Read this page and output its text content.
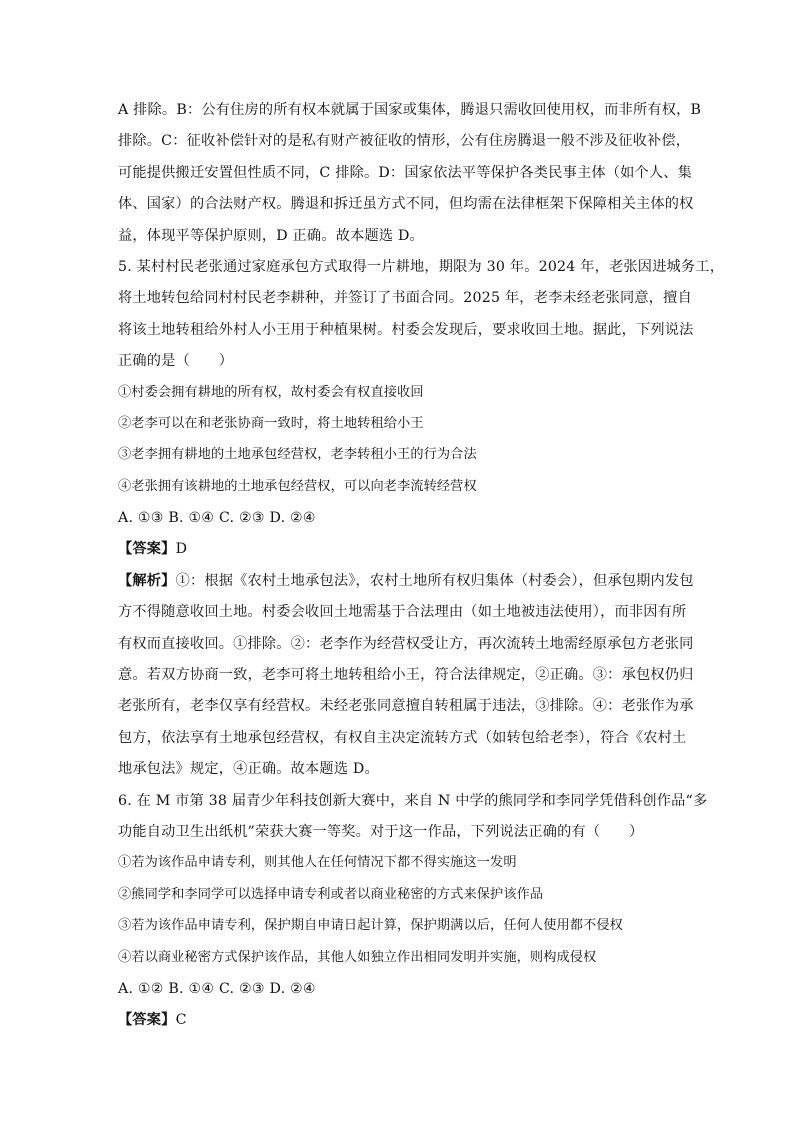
A 排除。B：公有住房的所有权本就属于国家或集体，腾退只需收回使用权，而非所有权，B
排除。C：征收补偿针对的是私有财产被征收的情形，公有住房腾退一般不涉及征收补偿，
可能提供搬迁安置但性质不同，C 排除。D：国家依法平等保护各类民事主体（如个人、集
体、国家）的合法财产权。腾退和拆迁虽方式不同，但均需在法律框架下保障相关主体的权
益，体现平等保护原则，D 正确。故本题选 D。
5. 某村村民老张通过家庭承包方式取得一片耕地，期限为 30 年。2024 年，老张因进城务工，
将土地转包给同村村民老李耕种，并签订了书面合同。2025 年，老李未经老张同意，擅自
将该土地转租给外村人小王用于种植果树。村委会发现后，要求收回土地。据此，下列说法
正确的是（　　）
①村委会拥有耕地的所有权，故村委会有权直接收回
②老李可以在和老张协商一致时，将土地转租给小王
③老李拥有耕地的土地承包经营权，老李转租小王的行为合法
④老张拥有该耕地的土地承包经营权，可以向老李流转经营权
A. ①③ B. ①④ C. ②③ D. ②④
【答案】D
【解析】①：根据《农村土地承包法》，农村土地所有权归集体（村委会），但承包期内发包
方不得随意收回土地。村委会收回土地需基于合法理由（如土地被违法使用），而非因有所
有权而直接收回。①排除。②：老李作为经营权受让方，再次流转土地需经原承包方老张同
意。若双方协商一致，老李可将土地转租给小王，符合法律规定，②正确。③：承包权仍归
老张所有，老李仅享有经营权。未经老张同意擅自转租属于违法，③排除。④：老张作为承
包方，依法享有土地承包经营权，有权自主决定流转方式（如转包给老李），符合《农村土
地承包法》规定，④正确。故本题选 D。
6. 在 M 市第 38 届青少年科技创新大赛中，来自 N 中学的熊同学和李同学凭借科创作品“多
功能自动卫生出纸机”荣获大赛一等奖。对于这一作品，下列说法正确的有（　　）
①若为该作品申请专利，则其他人在任何情况下都不得实施这一发明
②熊同学和李同学可以选择申请专利或者以商业秘密的方式来保护该作品
③若为该作品申请专利，保护期自申请日起计算，保护期满以后，任何人使用都不侵权
④若以商业秘密方式保护该作品，其他人如独立作出相同发明并实施，则构成侵权
A. ①② B. ①④ C. ②③ D. ②④
【答案】C
